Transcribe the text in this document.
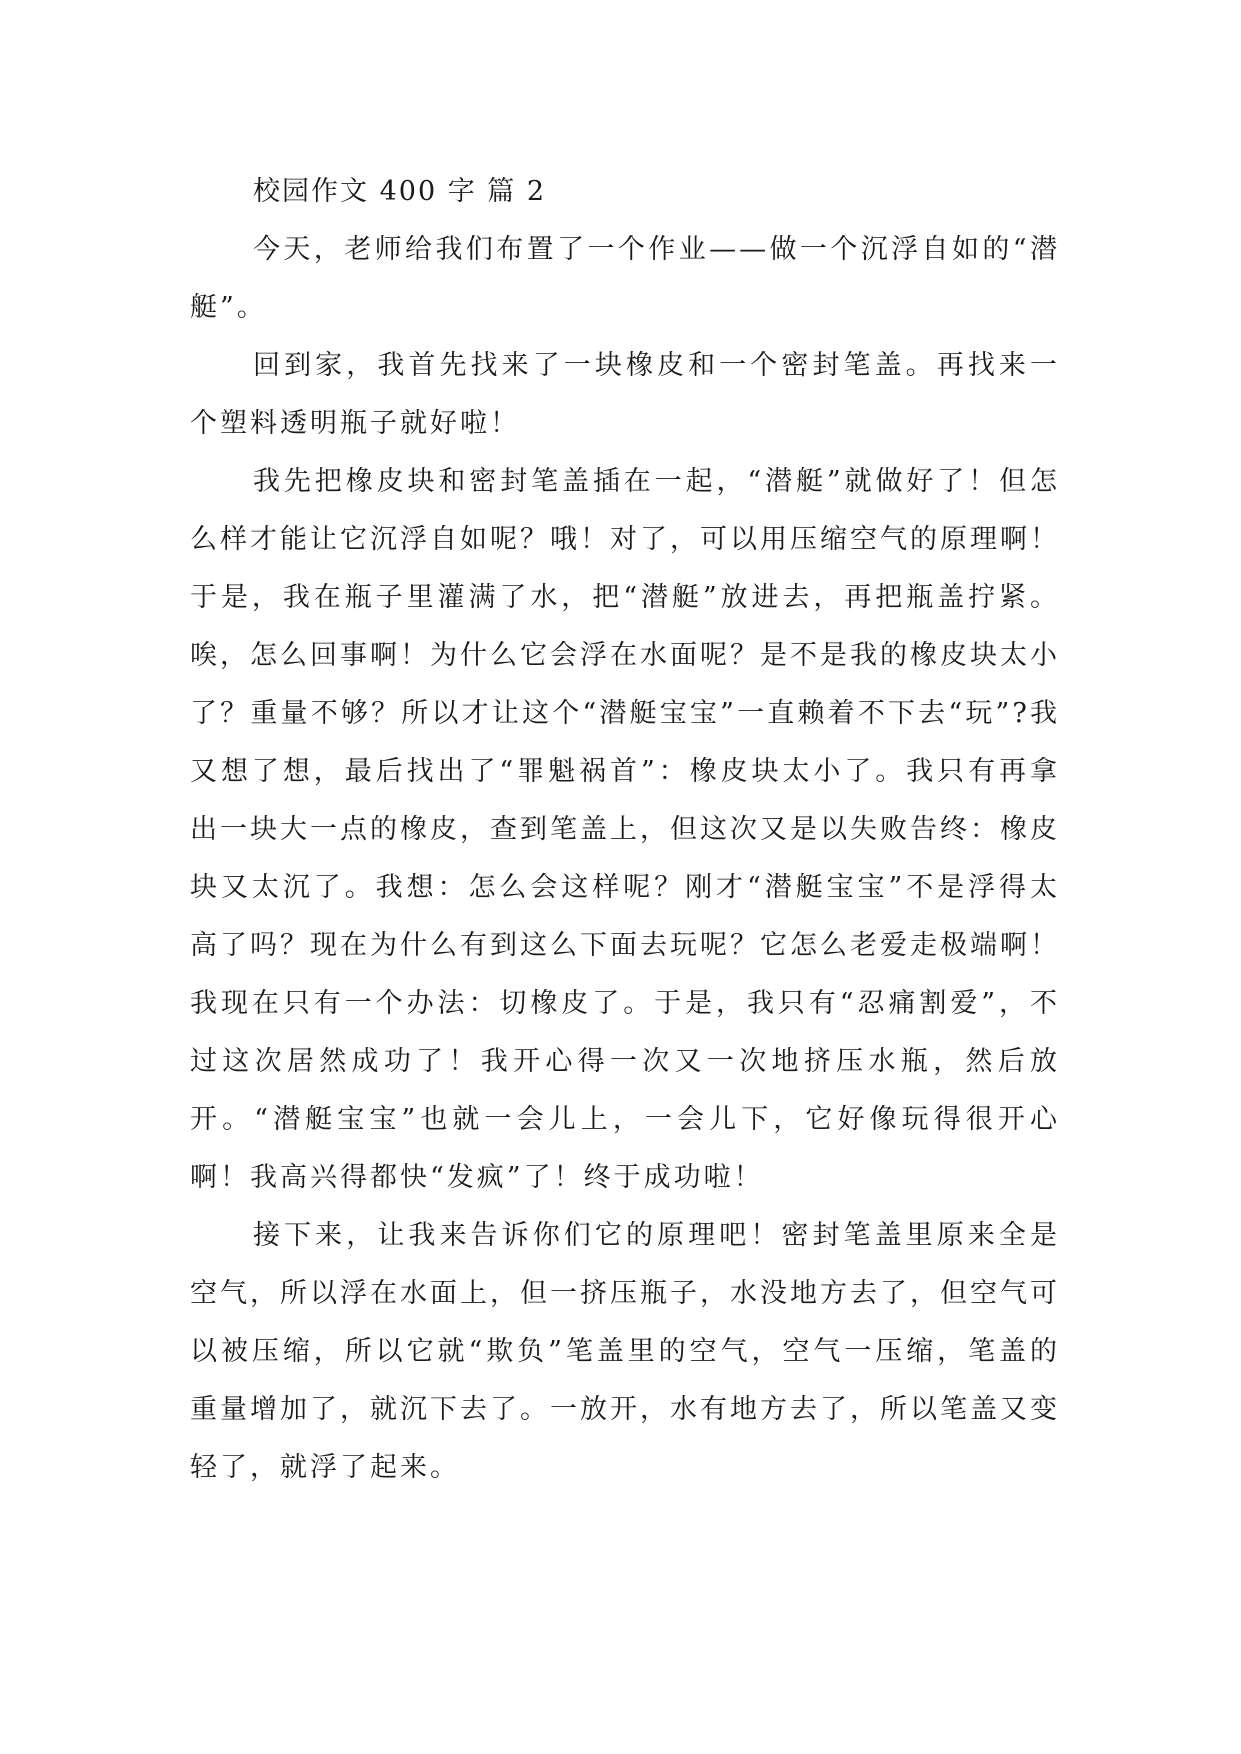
校园作文 400 字 篇 2

今天，老师给我们布置了一个作业——做一个沉浮自如的“潜艇”。

回到家，我首先找来了一块橡皮和一个密封笔盖。再找来一个塑料透明瓶子就好啦！

我先把橡皮块和密封笔盖插在一起，“潜艇”就做好了！但怎么样才能让它沉浮自如呢？哦！对了，可以用压缩空气的原理啊！于是，我在瓶子里灌满了水，把“潜艇”放进去，再把瓶盖拧紧。唉，怎么回事啊！为什么它会浮在水面呢？是不是我的橡皮块太小了？重量不够？所以才让这个“潜艇宝宝”一直赖着不下去“玩”?我又想了想，最后找出了“罪魁祸首”：橡皮块太小了。我只有再拿出一块大一点的橡皮，查到笔盖上，但这次又是以失败告终：橡皮块又太沉了。我想：怎么会这样呢？刚才“潜艇宝宝”不是浮得太高了吗？现在为什么有到这么下面去玩呢？它怎么老爱走极端啊！我现在只有一个办法：切橡皮了。于是，我只有“忍痛割爱”，不过这次居然成功了！我开心得一次又一次地挤压水瓶，然后放开。“潜艇宝宝”也就一会儿上，一会儿下，它好像玩得很开心啊！我高兴得都快“发疯”了！终于成功啦！

接下来，让我来告诉你们它的原理吧！密封笔盖里原来全是空气，所以浮在水面上，但一挤压瓶子，水没地方去了，但空气可以被压缩，所以它就“欺负”笔盖里的空气，空气一压缩，笔盖的重量增加了，就沉下去了。一放开，水有地方去了，所以笔盖又变轻了，就浮了起来。
